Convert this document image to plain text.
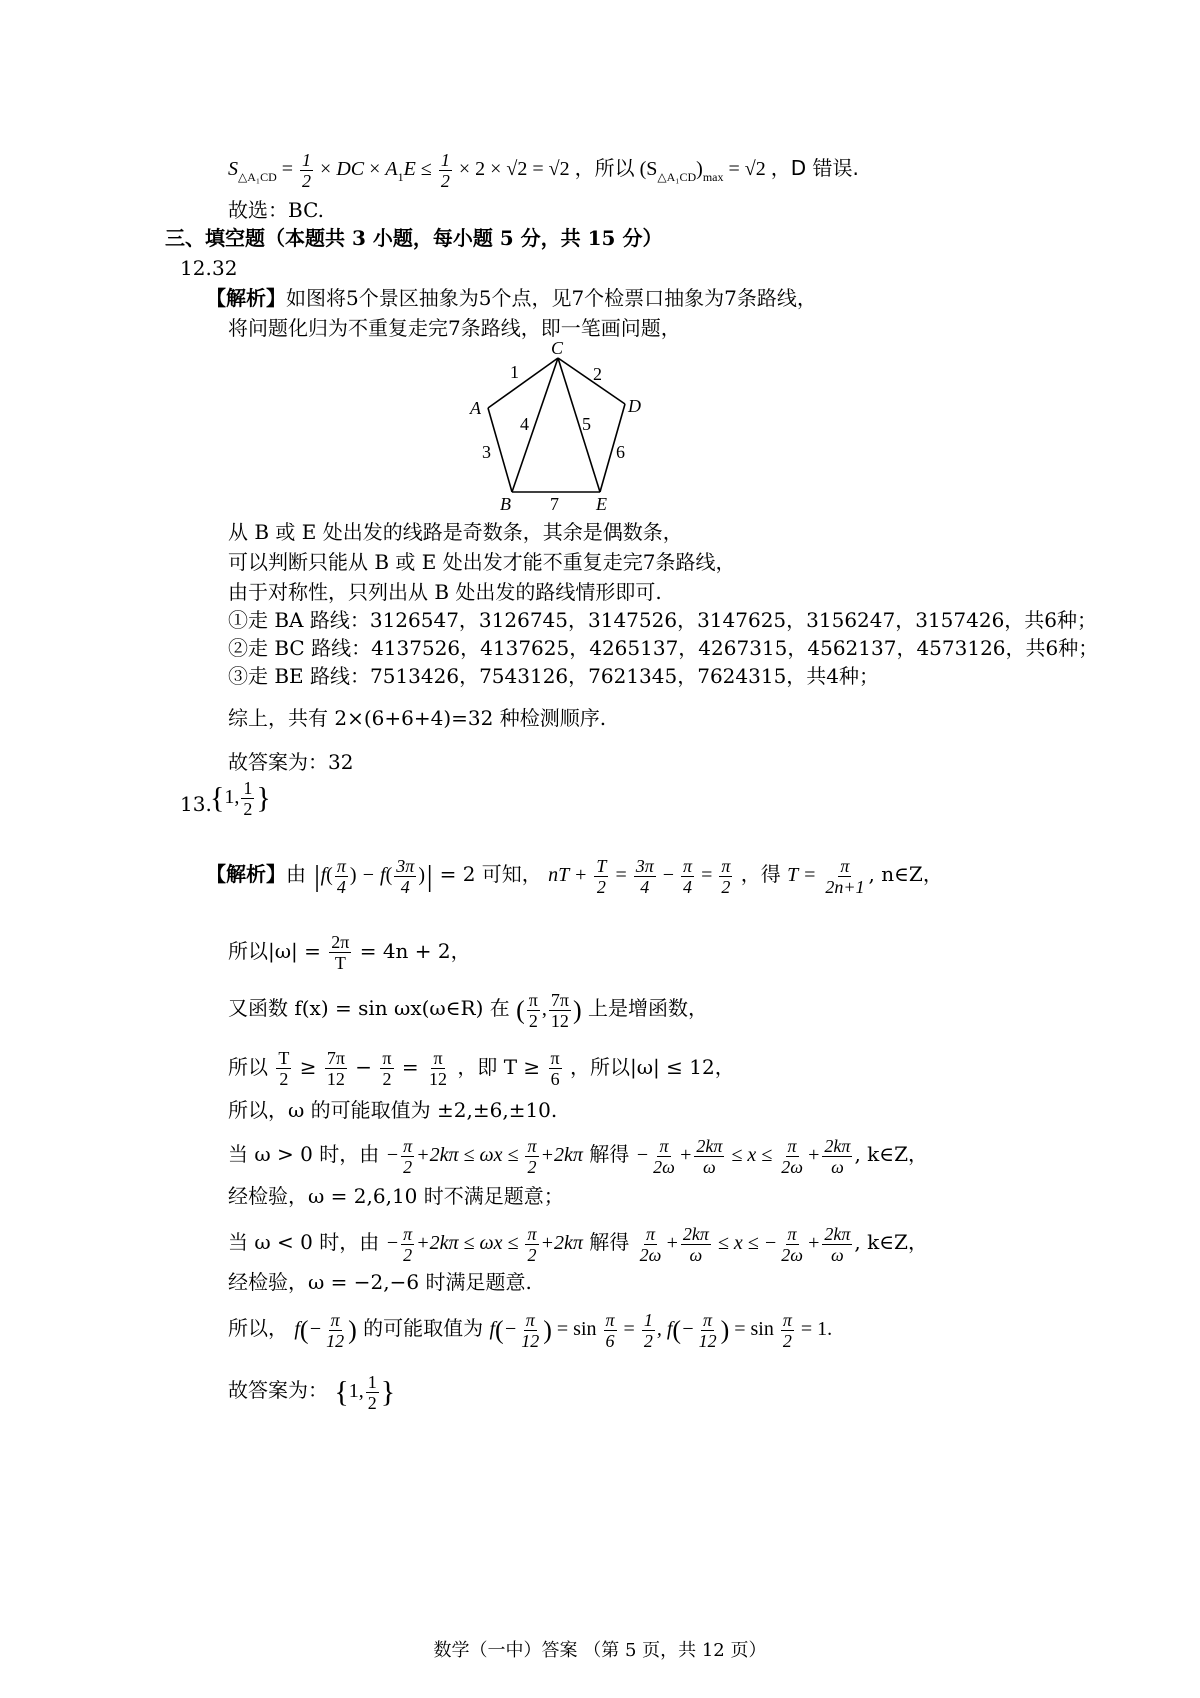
$S_{\triangle A_1CD} = \frac{1}{2}$ × DC × $A_1E \le \frac{1}{2} \times 2 \times √2 = √2$ ，所以 $(S_{\triangle A_1CD})_{max} = √2$ ，D 错误.
故选：BC.
三、填空题（本题共 3 小题，每小题 5 分，共 15 分）
12. 32
【解析】如图将5个景区抽象为5个点，见7个检票口抽象为7条路线，
将问题化归为不重复走完7条路线，即一笔画问题，
C
A	D
B	E
1	2
3
4	5
6
7
从 B 或 E 处出发的线路是奇数条，其余是偶数条，
可以判断只能从 B 或 E 处出发才能不重复走完7条路线，
由于对称性，只列出从 B 处出发的路线情形即可.
①走 BA 路线：3126547，3126745，3147526，3147625，3156247，3157426，共6种；
②走 BC 路线：4137526，4137625，4265137，4267315，4562137，4573126，共6种；
③走 BE 路线：7513426，7543126，7621345，7624315，共4种；
综上，共有 2×(6+6+4)=32 种检测顺序.
故答案为：32
13.
{1, $\frac{1}{2}$ }
【解析】由 $|f( \frac{\pi}{4}$ ) − $f( \frac{3\pi}{4}$ )| = 2 可知， nT + $\frac{T}{2} = \frac{3\pi}{4} - \frac{\pi}{4} = \frac{\pi}{2}$ ，得 $T = \frac{\pi}{2n+1}$ , n∈Z，
所以$|\omega| = \frac{2\pi}{T} = 4n + 2$，
又函数 f(x) = sin ωx(ω∈R) 在 ( $\frac{\pi}{2}$ , $\frac{7\pi}{12}$ ) 上是增函数，
所以 $\frac{T}{2} \ge \frac{7\pi}{12} - \frac{\pi}{2} = \frac{\pi}{12}$ ，即 $T \ge \frac{\pi}{6}$ ，所以|ω| ≤ 12，
所以，ω 的可能取值为 ±2,±6,±10.
当 ω > 0 时，由 − $\frac{\pi}{2} +2k\pi \le \omega x \le \frac{\pi}{2} +2k\pi$ 解得 − $\frac{\pi}{2\omega} + \frac{2k\pi}{\omega} \le x \le \frac{\pi}{2\omega} + \frac{2k\pi}{\omega}$ , k∈Z，
经检验，ω = 2,6,10 时不满足题意；
当 ω < 0 时，由 − $\frac{\pi}{2} +2k\pi \le \omega x \le \frac{\pi}{2} +2k\pi$ 解得 $\frac{\pi}{2\omega} + \frac{2k\pi}{\omega} \le x$ ≤ − $\frac{\pi}{2\omega} + \frac{2k\pi}{\omega}$ , k∈Z，
经检验，ω = −2,−6 时满足题意.
所以， $f(- \frac{\pi}{12}$ ) 的可能取值为 $f(- \frac{\pi}{12}$ ) = $\sin \frac{\pi}{6} = \frac{1}{2}$ , $f(- \frac{\pi}{12}$ ) = $\sin \frac{\pi}{2} = 1$.
故答案为： {1, $\frac{1}{2}$ }
数学（一中）答案 （第 5 页，共 12 页）
